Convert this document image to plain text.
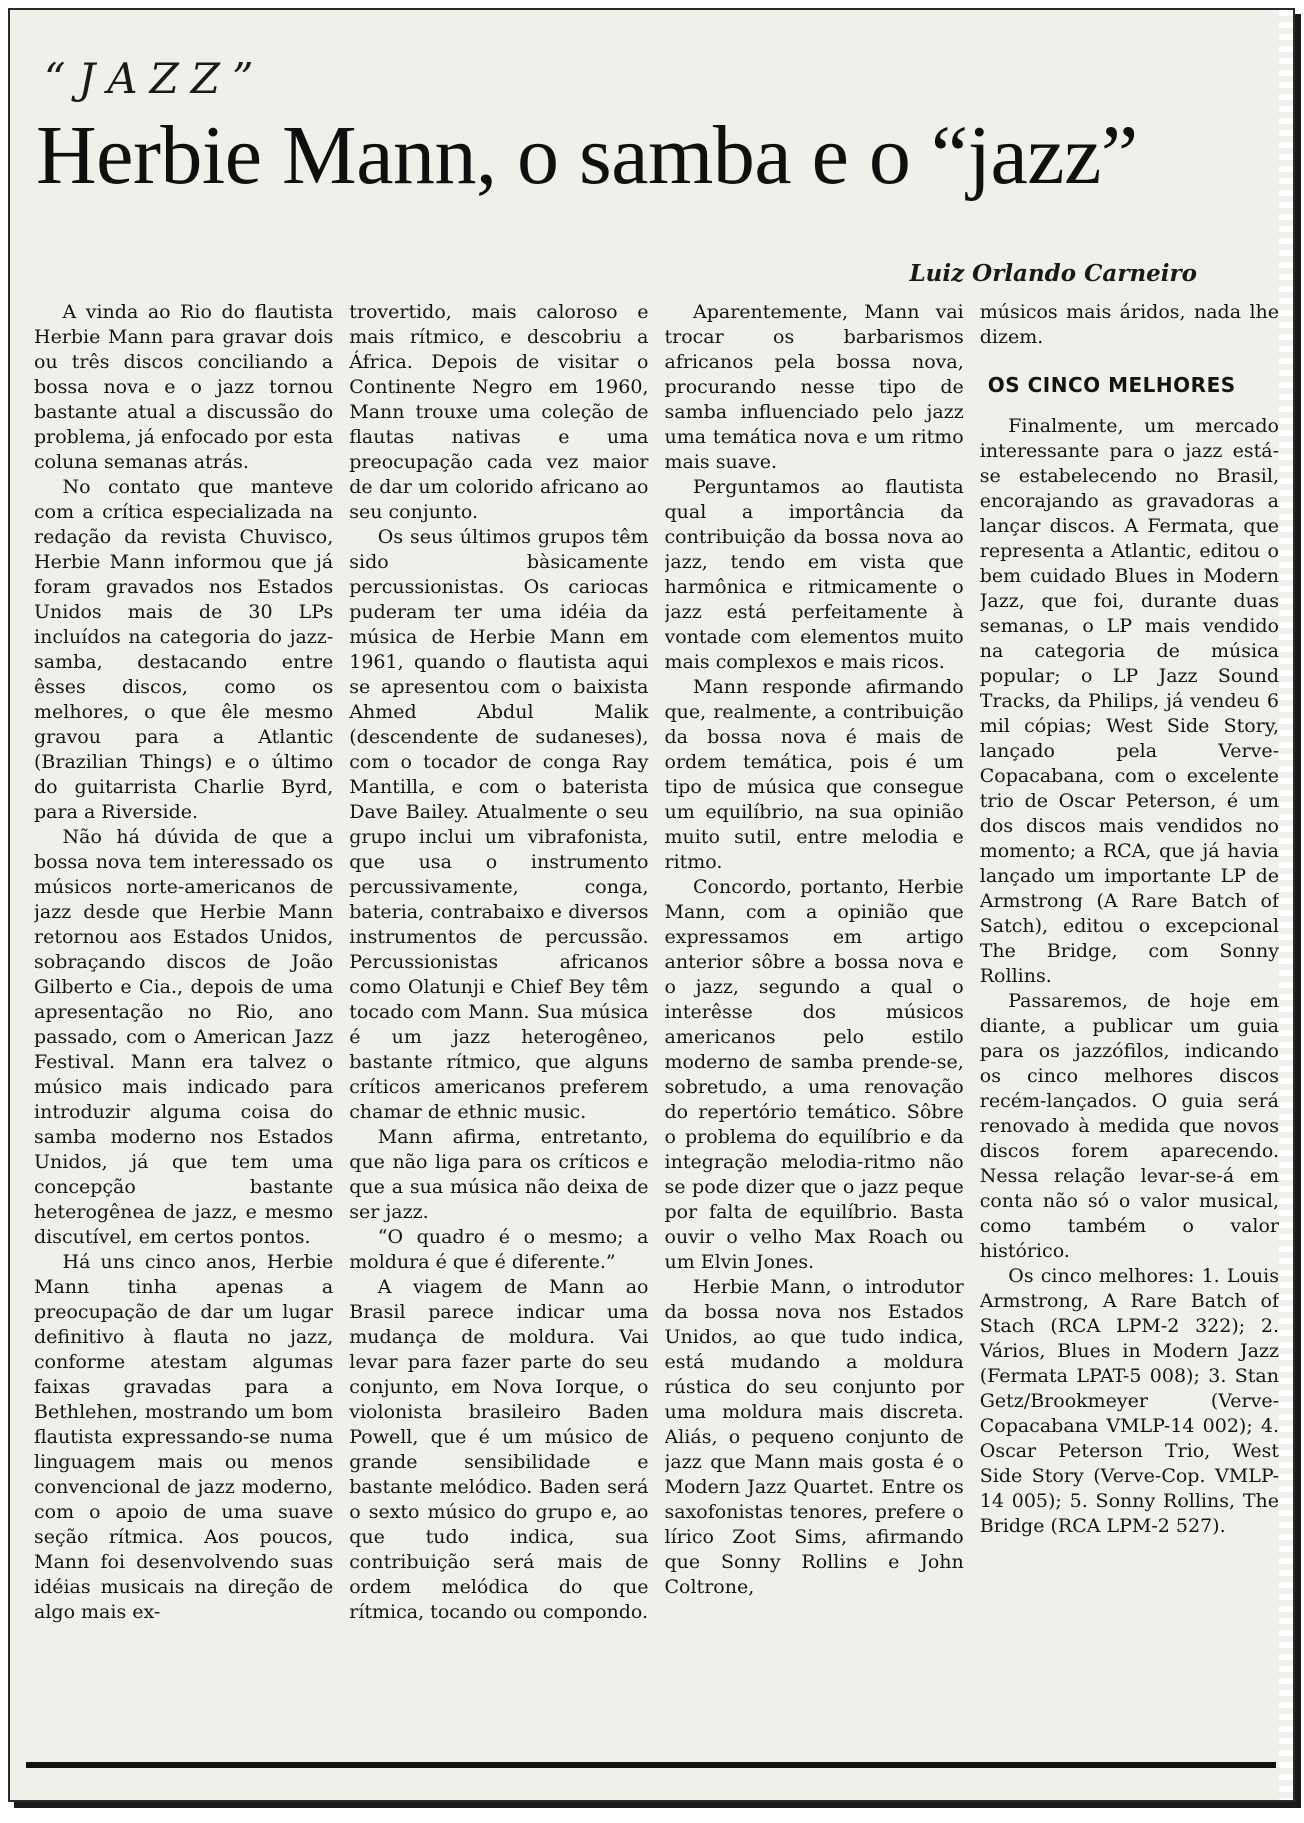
“JAZZ”
Herbie Mann, o samba e o “jazz”
Luiz Orlando Carneiro

A vinda ao Rio do flautista Herbie Mann para gravar dois ou três discos conciliando a bossa nova e o jazz tornou bastante atual a discussão do problema, já enfocado por esta coluna semanas atrás.

No contato que manteve com a crítica especializada na redação da revista Chuvisco, Herbie Mann informou que já foram gravados nos Estados Unidos mais de 30 LPs incluídos na categoria do jazz-samba, destacando entre êsses discos, como os melhores, o que êle mesmo gravou para a Atlantic (Brazilian Things) e o último do guitarrista Charlie Byrd, para a Riverside.

Não há dúvida de que a bossa nova tem interessado os músicos norte-americanos de jazz desde que Herbie Mann retornou aos Estados Unidos, sobraçando discos de João Gilberto e Cia., depois de uma apresentação no Rio, ano passado, com o American Jazz Festival. Mann era talvez o músico mais indicado para introduzir alguma coisa do samba moderno nos Estados Unidos, já que tem uma concepção bastante heterogênea de jazz, e mesmo discutível, em certos pontos.

Há uns cinco anos, Herbie Mann tinha apenas a preocupação de dar um lugar definitivo à flauta no jazz, conforme atestam algumas faixas gravadas para a Bethlehen, mostrando um bom flautista expressando-se numa linguagem mais ou menos convencional de jazz moderno, com o apoio de uma suave seção rítmica. Aos poucos, Mann foi desenvolvendo suas idéias musicais na direção de algo mais ex-

trovertido, mais caloroso e mais rítmico, e descobriu a África. Depois de visitar o Continente Negro em 1960, Mann trouxe uma coleção de flautas nativas e uma preocupação cada vez maior de dar um colorido africano ao seu conjunto.

Os seus últimos grupos têm sido bàsicamente percussionistas. Os cariocas puderam ter uma idéia da música de Herbie Mann em 1961, quando o flautista aqui se apresentou com o baixista Ahmed Abdul Malik (descendente de sudaneses), com o tocador de conga Ray Mantilla, e com o baterista Dave Bailey. Atualmente o seu grupo inclui um vibrafonista, que usa o instrumento percussivamente, conga, bateria, contrabaixo e diversos instrumentos de percussão. Percussionistas africanos como Olatunji e Chief Bey têm tocado com Mann. Sua música é um jazz heterogêneo, bastante rítmico, que alguns críticos americanos preferem chamar de ethnic music.

Mann afirma, entretanto, que não liga para os críticos e que a sua música não deixa de ser jazz.

“O quadro é o mesmo; a moldura é que é diferente.”

A viagem de Mann ao Brasil parece indicar uma mudança de moldura. Vai levar para fazer parte do seu conjunto, em Nova Iorque, o violonista brasileiro Baden Powell, que é um músico de grande sensibilidade e bastante melódico. Baden será o sexto músico do grupo e, ao que tudo indica, sua contribuição será mais de ordem melódica do que rítmica, tocando ou compondo.

Aparentemente, Mann vai trocar os barbarismos africanos pela bossa nova, procurando nesse tipo de samba influenciado pelo jazz uma temática nova e um ritmo mais suave.

Perguntamos ao flautista qual a importância da contribuição da bossa nova ao jazz, tendo em vista que harmônica e ritmicamente o jazz está perfeitamente à vontade com elementos muito mais complexos e mais ricos.

Mann responde afirmando que, realmente, a contribuição da bossa nova é mais de ordem temática, pois é um tipo de música que consegue um equilíbrio, na sua opinião muito sutil, entre melodia e ritmo.

Concordo, portanto, Herbie Mann, com a opinião que expressamos em artigo anterior sôbre a bossa nova e o jazz, segundo a qual o interêsse dos músicos americanos pelo estilo moderno de samba prende-se, sobretudo, a uma renovação do repertório temático. Sôbre o problema do equilíbrio e da integração melodia-ritmo não se pode dizer que o jazz peque por falta de equilíbrio. Basta ouvir o velho Max Roach ou um Elvin Jones.

Herbie Mann, o introdutor da bossa nova nos Estados Unidos, ao que tudo indica, está mudando a moldura rústica do seu conjunto por uma moldura mais discreta. Aliás, o pequeno conjunto de jazz que Mann mais gosta é o Modern Jazz Quartet. Entre os saxofonistas tenores, prefere o lírico Zoot Sims, afirmando que Sonny Rollins e John Coltrone,

músicos mais áridos, nada lhe dizem.

OS CINCO MELHORES

Finalmente, um mercado interessante para o jazz está-se estabelecendo no Brasil, encorajando as gravadoras a lançar discos. A Fermata, que representa a Atlantic, editou o bem cuidado Blues in Modern Jazz, que foi, durante duas semanas, o LP mais vendido na categoria de música popular; o LP Jazz Sound Tracks, da Philips, já vendeu 6 mil cópias; West Side Story, lançado pela Verve-Copacabana, com o excelente trio de Oscar Peterson, é um dos discos mais vendidos no momento; a RCA, que já havia lançado um importante LP de Armstrong (A Rare Batch of Satch), editou o excepcional The Bridge, com Sonny Rollins.

Passaremos, de hoje em diante, a publicar um guia para os jazzófilos, indicando os cinco melhores discos recém-lançados. O guia será renovado à medida que novos discos forem aparecendo. Nessa relação levar-se-á em conta não só o valor musical, como também o valor histórico.

Os cinco melhores: 1. Louis Armstrong, A Rare Batch of Stach (RCA LPM-2 322); 2. Vários, Blues in Modern Jazz (Fermata LPAT-5 008); 3. Stan Getz/Brookmeyer (Verve-Copacabana VMLP-14 002); 4. Oscar Peterson Trio, West Side Story (Verve-Cop. VMLP-14 005); 5. Sonny Rollins, The Bridge (RCA LPM-2 527).
